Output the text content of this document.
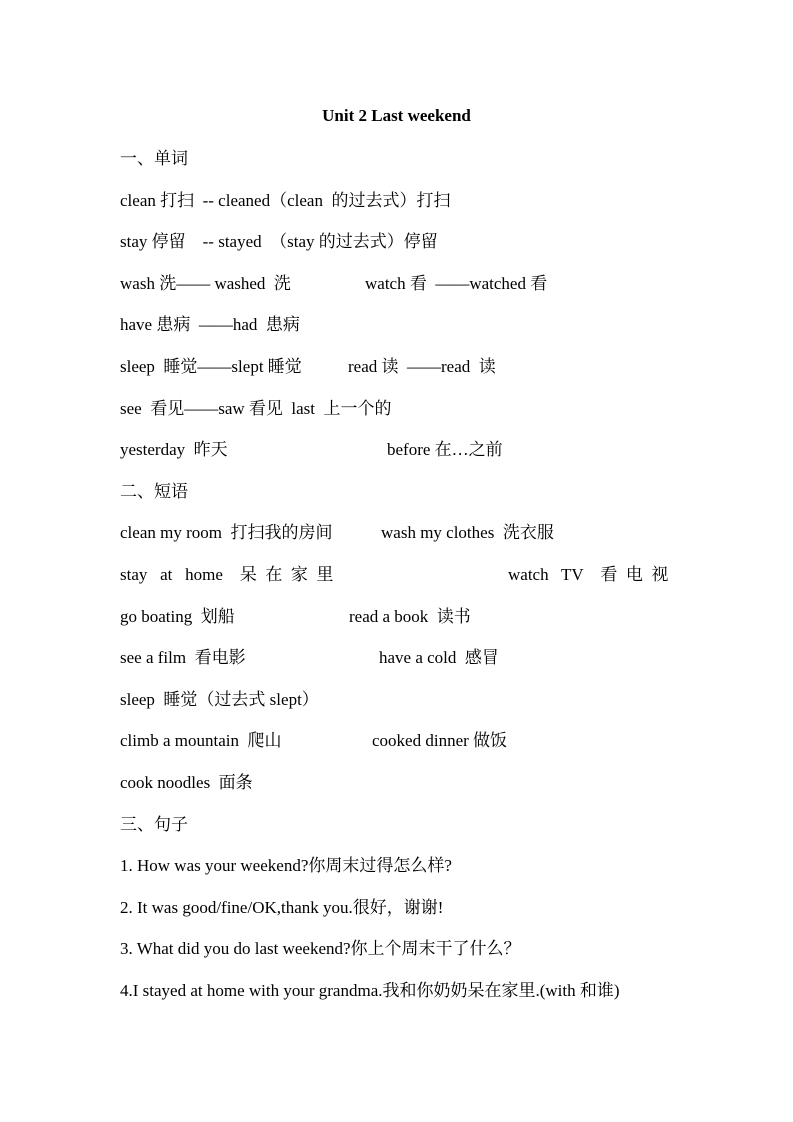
Unit 2 Last weekend
一、单词
clean 打扫  -- cleaned（clean  的过去式）打扫
stay 停留    -- stayed  （stay 的过去式）停留
wash 洗—— washed  洗	watch 看  ——watched 看
have 患病  ——had  患病
sleep  睡觉——slept 睡觉	read 读  ——read  读
see  看见——saw 看见  last  上一个的
yesterday  昨天	before 在…之前
二、短语
clean my room  打扫我的房间	wash my clothes  洗衣服
stay   at   home    呆  在  家  里	watch   TV    看  电  视
go boating  划船	read a book  读书
see a film  看电影	have a cold  感冒
sleep  睡觉（过去式 slept）
climb a mountain  爬山	cooked dinner 做饭
cook noodles  面条
三、句子
1. How was your weekend?你周末过得怎么样?
2. It was good/fine/OK,thank you.很好，谢谢!
3. What did you do last weekend?你上个周末干了什么？
4.I stayed at home with your grandma.我和你奶奶呆在家里.(with 和谁)
